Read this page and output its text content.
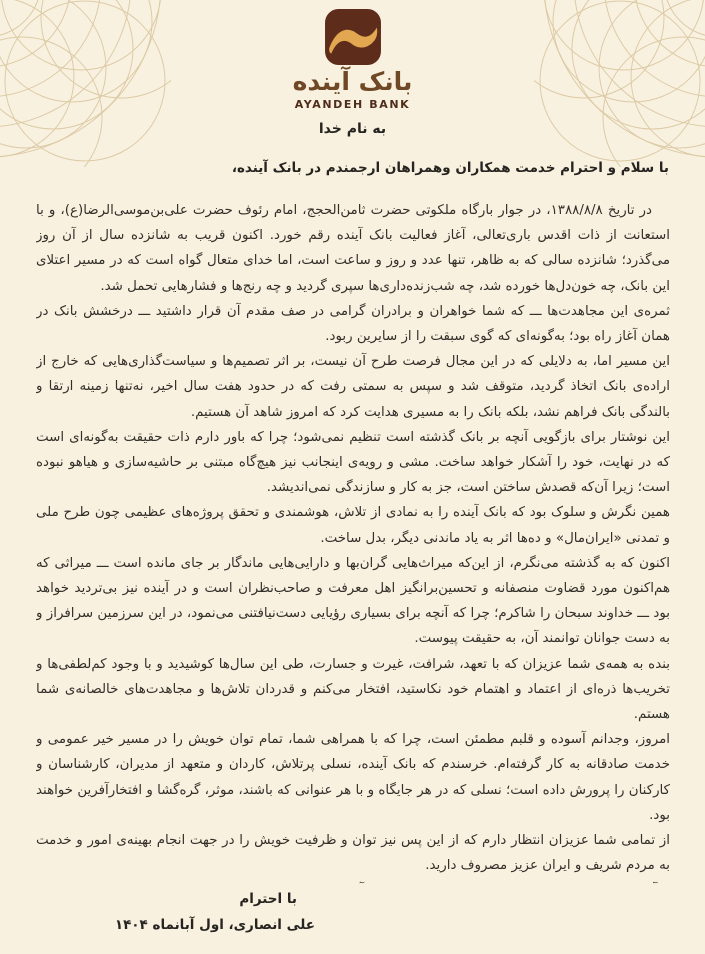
بانک آینده
AYANDEH BANK
به نام خدا
با سلام و احترام خدمت همکاران وهمراهان ارجمندم در بانک آینده،

در تاریخ ۱۳۸۸/۸/۸، در جوار بارگاه ملکوتی حضرت ثامن‌الحجج، امام رئوف حضرت علی‌بن‌موسی‌الرضا(ع)، و با استعانت از ذات اقدس باری‌تعالی، آغاز فعالیت بانک آینده رقم خورد. اکنون قریب به شانزده سال از آن روز می‌گذرد؛ شانزده سالی که به ظاهر، تنها عدد و روز و ساعت است، اما خدای متعال گواه است که در مسیر اعتلای این بانک، چه خون‌دل‌ها خورده شد، چه شب‌زنده‌داری‌ها سپری گردید و چه رنج‌ها و فشارهایی تحمل شد.

ثمره‌ی این مجاهدت‌ها ـــ که شما خواهران و برادران گرامی در صف مقدم آن قرار داشتید ـــ درخشش بانک در همان آغاز راه بود؛ به‌گونه‌ای که گوی سبقت را از سایرین ربود.

این مسیر اما، به دلایلی که در این مجال فرصت طرح آن نیست، بر اثر تصمیم‌ها و سیاست‌گذاری‌هایی که خارج از اراده‌ی بانک اتخاذ گردید، متوقف شد و سپس به سمتی رفت که در حدود هفت سال اخیر، نه‌تنها زمینه ارتقا و بالندگی بانک فراهم نشد، بلکه بانک را به مسیری هدایت کرد که امروز شاهد آن هستیم.

این نوشتار برای بازگویی آنچه بر بانک گذشته است تنظیم نمی‌شود؛ چرا که باور دارم ذات حقیقت به‌گونه‌ای است که در نهایت، خود را آشکار خواهد ساخت. مشی و رویه‌ی اینجانب نیز هیچ‌گاه مبتنی بر حاشیه‌سازی و هیاهو نبوده است؛ زیرا آن‌که قصدش ساختن است، جز به کار و سازندگی نمی‌اندیشد.

همین نگرش و سلوک بود که بانک آینده را به نمادی از تلاش، هوشمندی و تحقق پروژه‌های عظیمی چون طرح ملی و تمدنی «ایران‌مال» و ده‌ها اثر به یاد ماندنی دیگر، بدل ساخت.

اکنون که به گذشته می‌نگرم، از این‌که میراث‌هایی گران‌بها و دارایی‌هایی ماندگار بر جای مانده است ـــ میراثی که هم‌اکنون مورد قضاوت منصفانه و تحسین‌برانگیز اهل معرفت و صاحب‌نظران است و در آینده نیز بی‌تردید خواهد بود ـــ خداوند سبحان را شاکرم؛ چرا که آنچه برای بسیاری رؤیایی دست‌نیافتنی می‌نمود، در این سرزمین سرافراز و به دست جوانان توانمند آن، به حقیقت پیوست.

بنده به همه‌ی شما عزیزان که با تعهد، شرافت، غیرت و جسارت، طی این سال‌ها کوشیدید و با وجود کم‌لطفی‌ها و تخریب‌ها ذره‌ای از اعتماد و اهتمام خود نکاستید، افتخار می‌کنم و قدردان تلاش‌ها و مجاهدت‌های خالصانه‌ی شما هستم.

امروز، وجدانم آسوده و قلبم مطمئن است، چرا که با همراهی شما، تمام توان خویش را در مسیر خیر عمومی و خدمت صادقانه به کار گرفته‌ام. خرسندم که بانک آینده، نسلی پرتلاش، کاردان و متعهد از مدیران، کارشناسان و کارکنان را پرورش داده است؛ نسلی که در هر جایگاه و با هر عنوانی که باشند، موثر، گره‌گشا و افتخارآفرین خواهند بود.

از تمامی شما عزیزان انتظار دارم که از این پس نیز توان و ظرفیت خویش را در جهت انجام بهینه‌ی امور و خدمت به مردم شریف و ایران عزیز مصروف دارید.

با احترام
علی انصاری، اول آبانماه ۱۴۰۴
